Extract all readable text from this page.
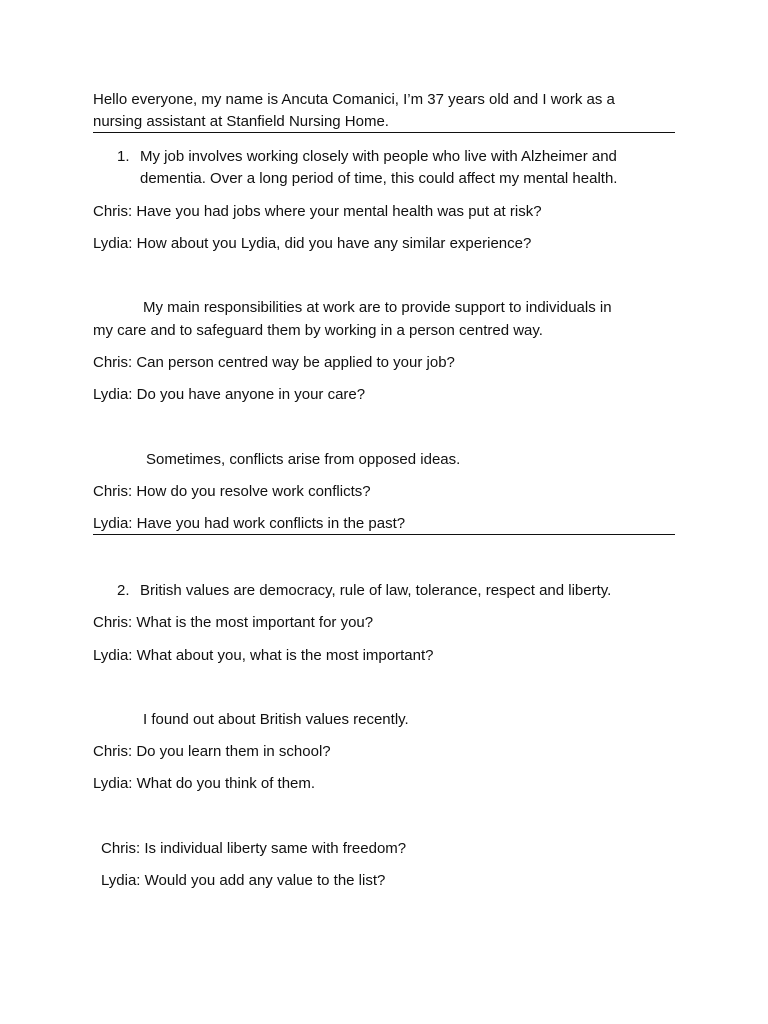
Hello everyone, my name is Ancuta Comanici, I’m 37 years old and I work as a

nursing assistant at Stanfield Nursing Home.

1. My job involves working closely with people who live with Alzheimer and

dementia. Over a long period of time, this could affect my mental health.

Chris: Have you had jobs where your mental health was put at risk?

Lydia: How about you Lydia, did you have any similar experience?

My main responsibilities at work are to provide support to individuals in

my care and to safeguard them by working in a person centred way.

Chris: Can person centred way be applied to your job?

Lydia: Do you have anyone in your care?

Sometimes, conflicts arise from opposed ideas.

Chris: How do you resolve work conflicts?

Lydia: Have you had work conflicts in the past?

2. British values are democracy, rule of law, tolerance, respect and liberty.

Chris: What is the most important for you?

Lydia: What about you, what is the most important?

I found out about British values recently.

Chris: Do you learn them in school?

Lydia: What do you think of them.

Chris: Is individual liberty same with freedom?

Lydia: Would you add any value to the list?
